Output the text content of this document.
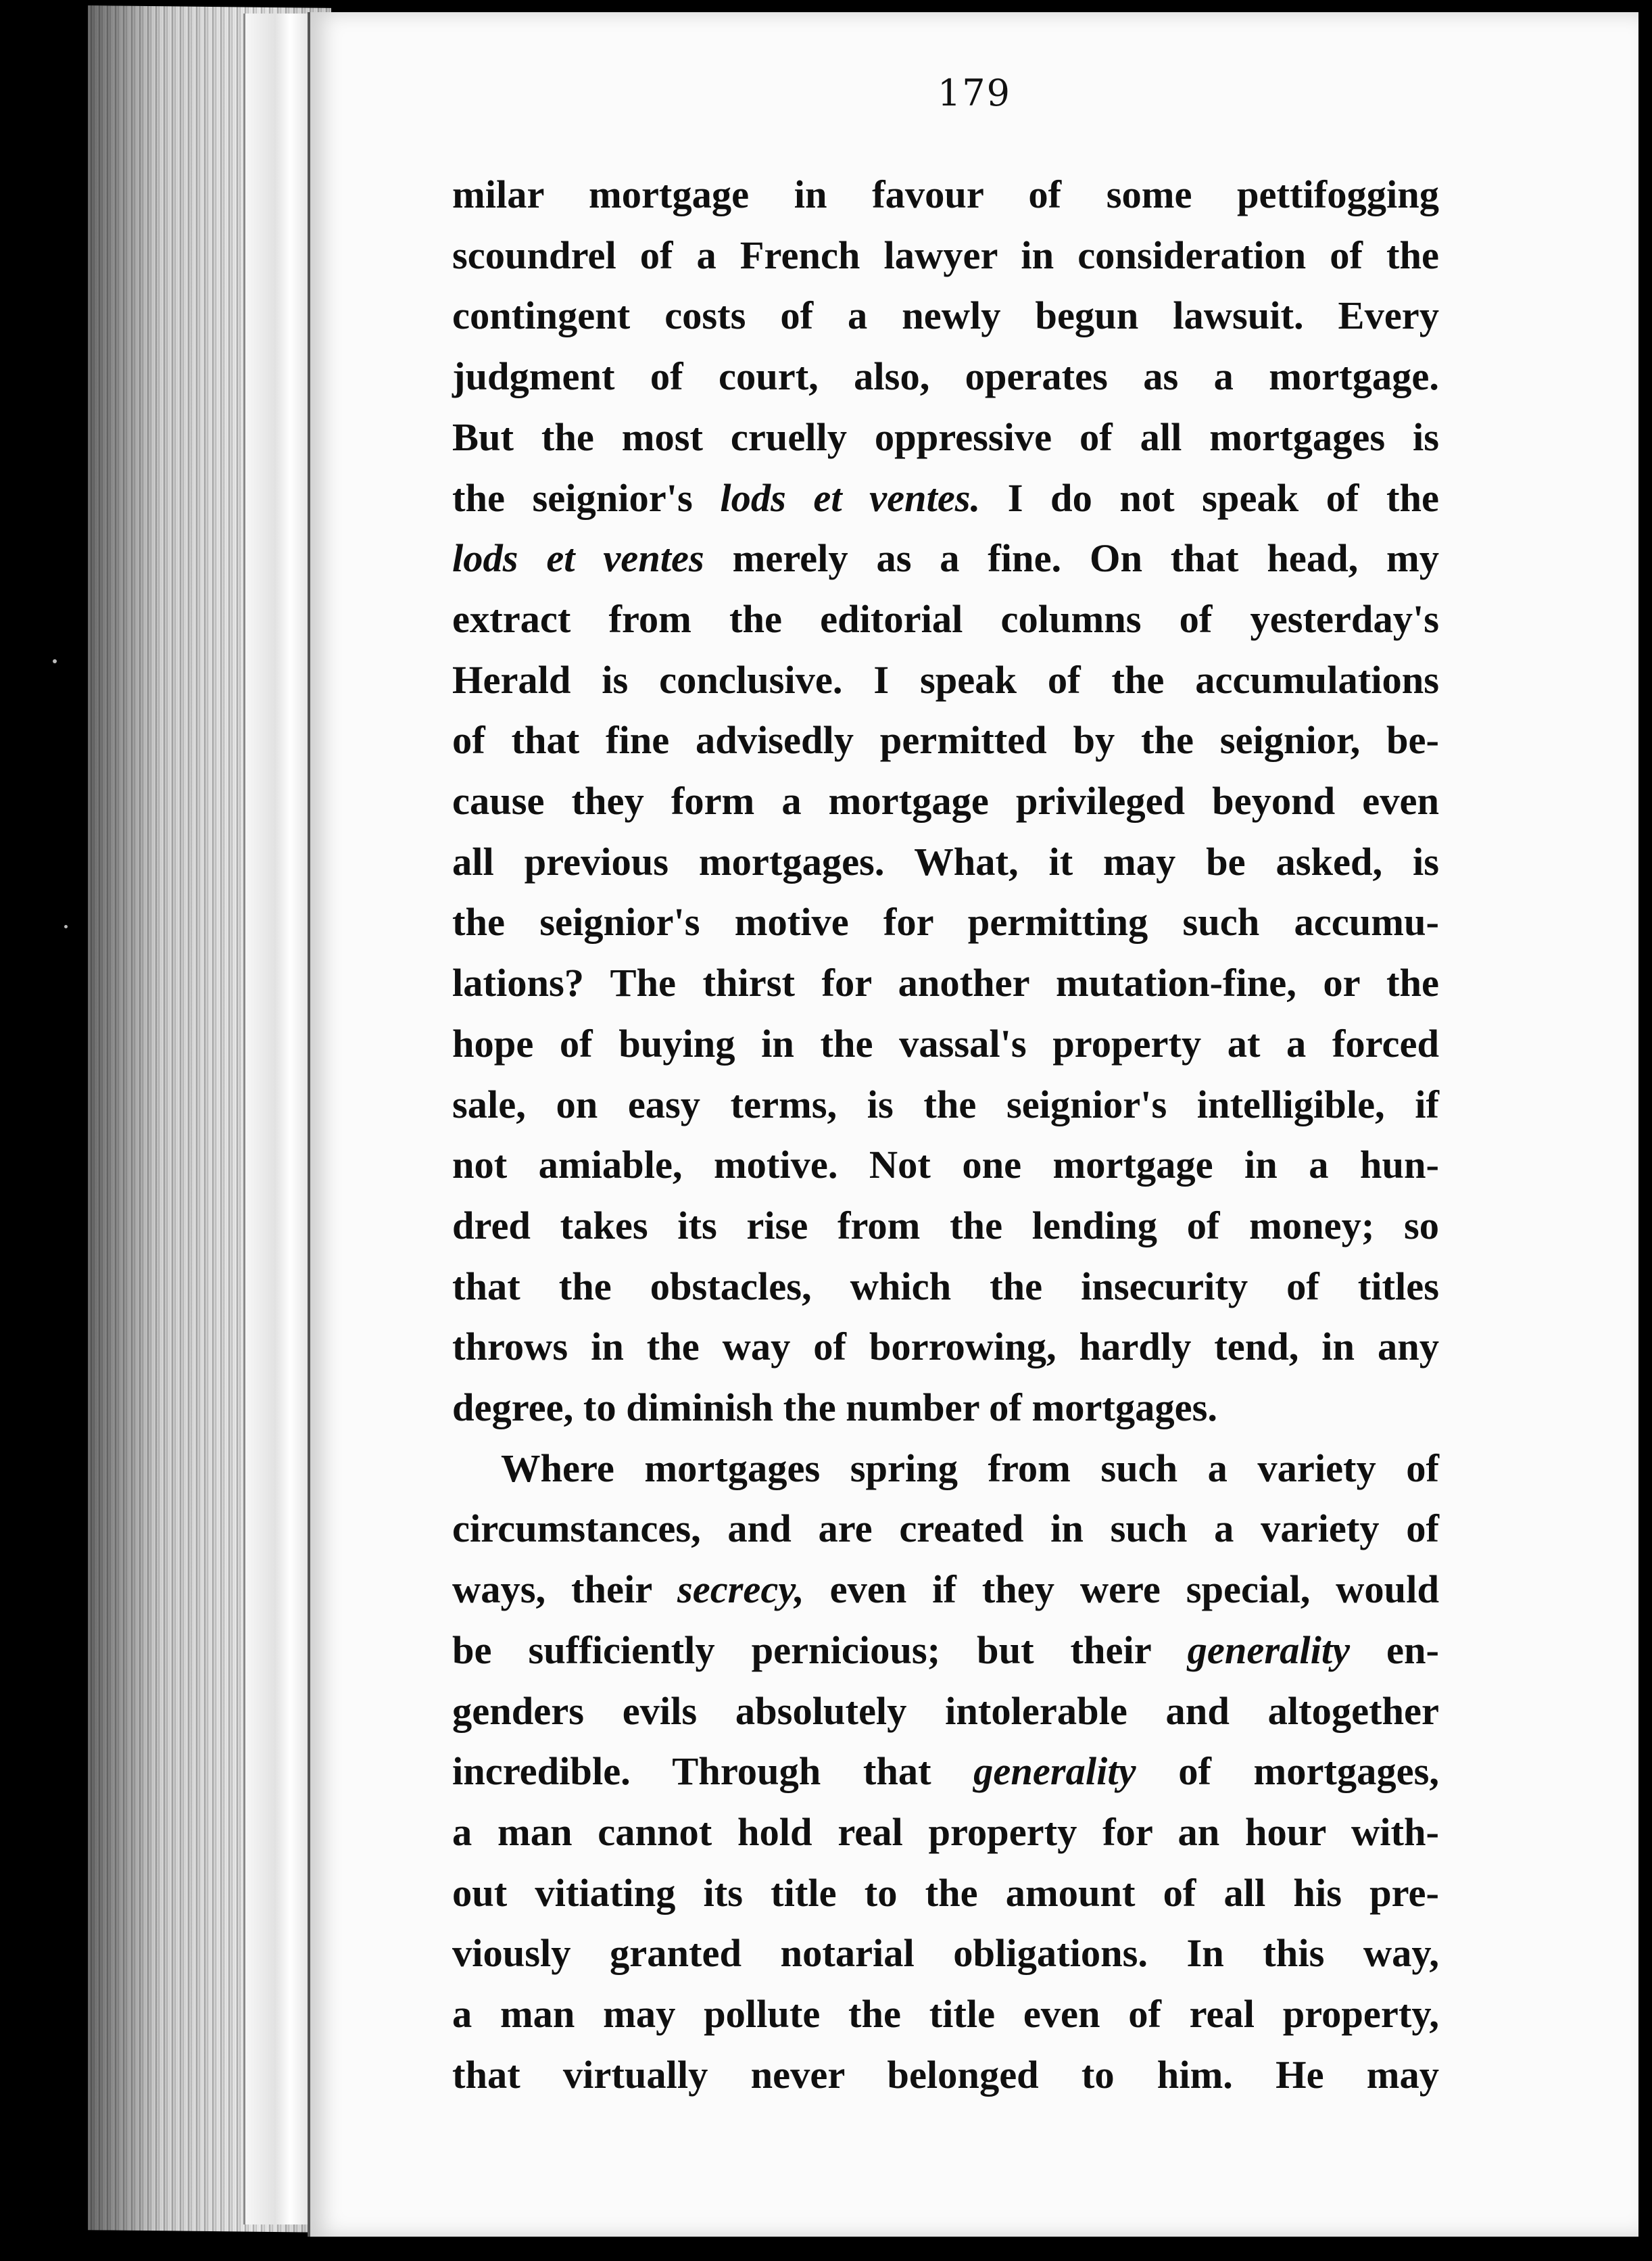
179
milar mortgage in favour of some pettifogging
scoundrel of a French lawyer in consideration of the
contingent costs of a newly begun lawsuit. Every
judgment of court, also, operates as a mortgage.
But the most cruelly oppressive of all mortgages is
the seignior's lods et ventes. I do not speak of the
lods et ventes merely as a fine. On that head, my
extract from the editorial columns of yesterday's
Herald is conclusive. I speak of the accumulations
of that fine advisedly permitted by the seignior, be-
cause they form a mortgage privileged beyond even
all previous mortgages. What, it may be asked, is
the seignior's motive for permitting such accumu-
lations? The thirst for another mutation-fine, or the
hope of buying in the vassal's property at a forced
sale, on easy terms, is the seignior's intelligible, if
not amiable, motive. Not one mortgage in a hun-
dred takes its rise from the lending of money; so
that the obstacles, which the insecurity of titles
throws in the way of borrowing, hardly tend, in any
degree, to diminish the number of mortgages.
Where mortgages spring from such a variety of
circumstances, and are created in such a variety of
ways, their secrecy, even if they were special, would
be sufficiently pernicious; but their generality en-
genders evils absolutely intolerable and altogether
incredible. Through that generality of mortgages,
a man cannot hold real property for an hour with-
out vitiating its title to the amount of all his pre-
viously granted notarial obligations. In this way,
a man may pollute the title even of real property,
that virtually never belonged to him. He may
